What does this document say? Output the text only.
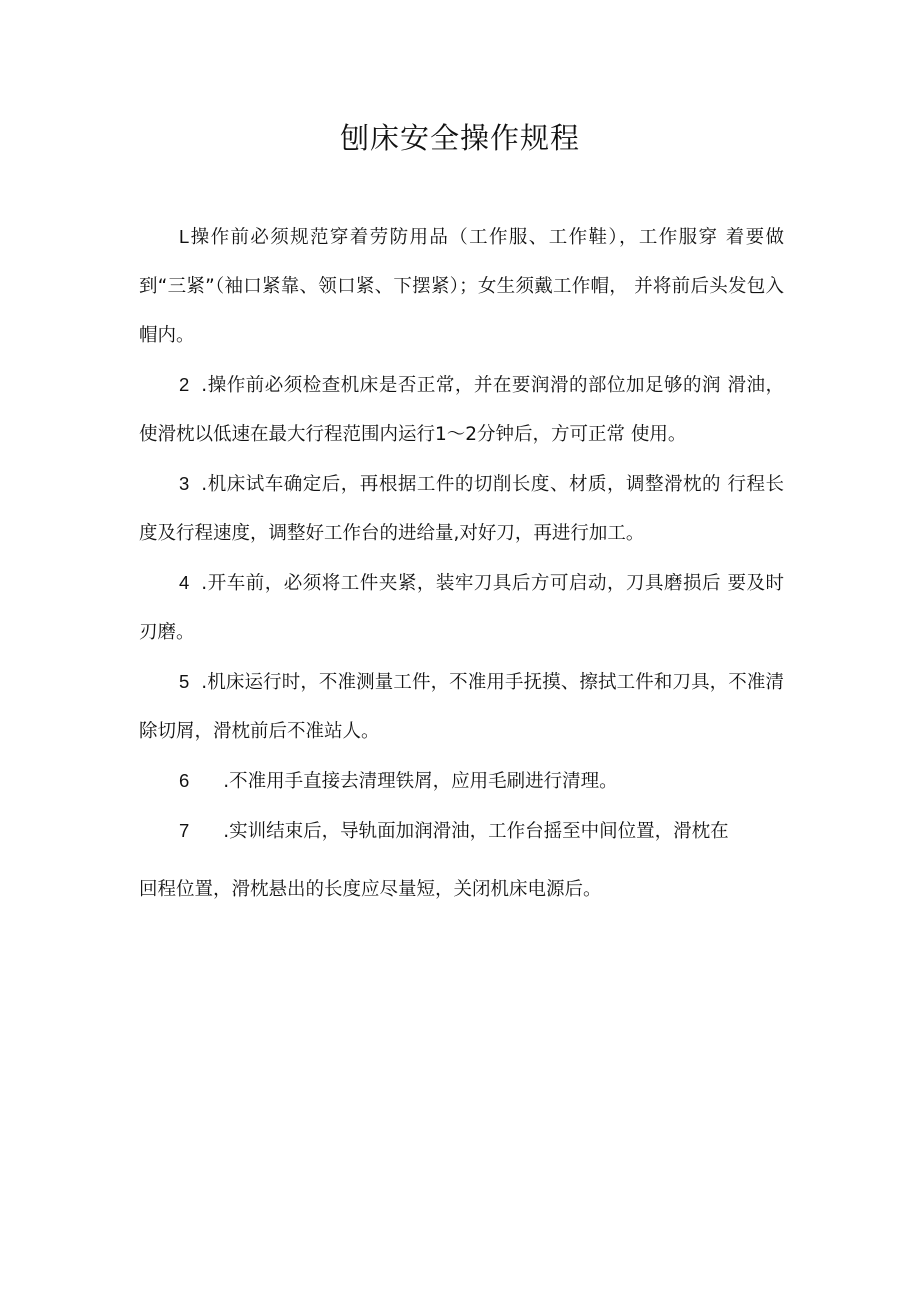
刨床安全操作规程

L操作前必须规范穿着劳防用品（工作服、工作鞋），工作服穿 着要做到“三紧”（袖口紧靠、领口紧、下摆紧）；女生须戴工作帽， 并将前后头发包入帽内。

2 .操作前必须检查机床是否正常，并在要润滑的部位加足够的润 滑油，使滑枕以低速在最大行程范围内运行1～2分钟后，方可正常 使用。

3 .机床试车确定后，再根据工件的切削长度、材质，调整滑枕的 行程长度及行程速度，调整好工作台的进给量,对好刀，再进行加工。

4 .开车前，必须将工件夹紧，装牢刀具后方可启动，刀具磨损后 要及时刃磨。

5 .机床运行时，不准测量工件，不准用手抚摸、擦拭工件和刀具，不准清除切屑，滑枕前后不准站人。

6 .不准用手直接去清理铁屑，应用毛刷进行清理。

7 .实训结束后，导轨面加润滑油，工作台摇至中间位置，滑枕在
回程位置，滑枕悬出的长度应尽量短，关闭机床电源后。
